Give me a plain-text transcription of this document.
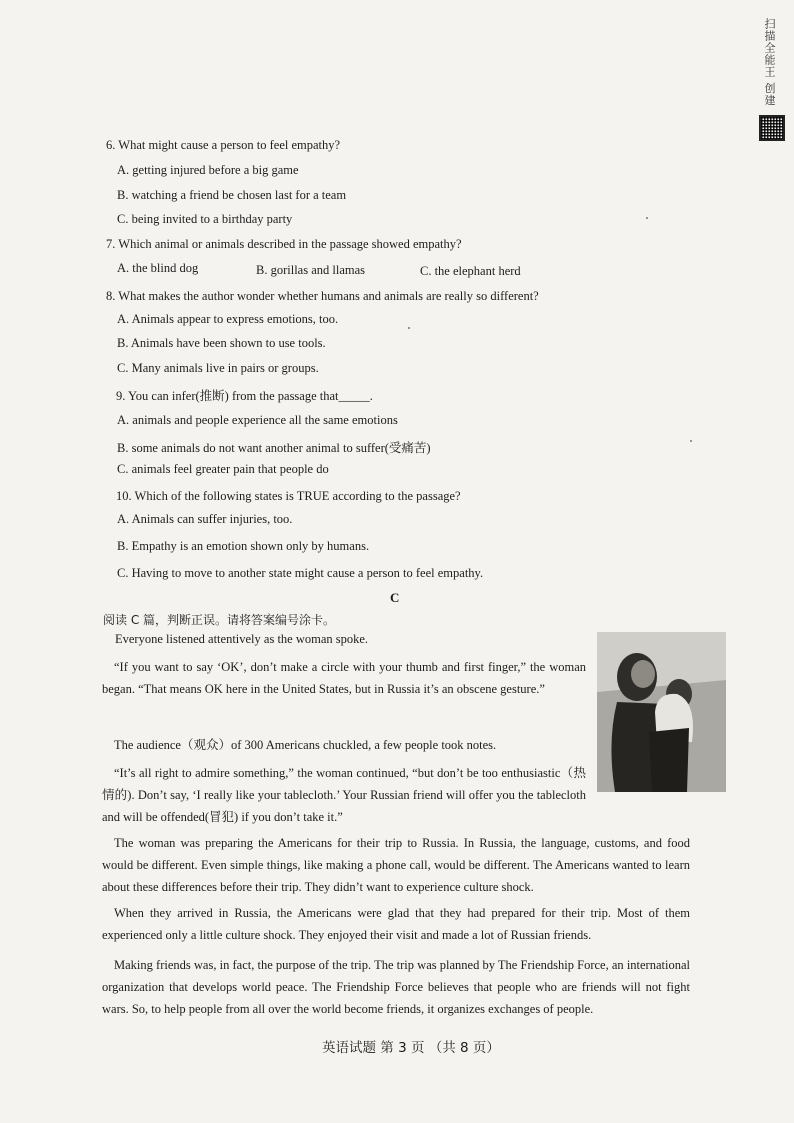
扫描全能王 创建
6. What might cause a person to feel empathy?
A. getting injured before a big game
B. watching a friend be chosen last for a team
C. being invited to a birthday party
7. Which animal or animals described in the passage showed empathy?
A. the blind dog	B. gorillas and llamas	C. the elephant herd
8. What makes the author wonder whether humans and animals are really so different?
A. Animals appear to express emotions, too.
B. Animals have been shown to use tools.
C. Many animals live in pairs or groups.
9. You can infer(推断) from the passage that_____.
A. animals and people experience all the same emotions
B. some animals do not want another animal to suffer(受痛苦)
C. animals feel greater pain that people do
10. Which of the following states is TRUE according to the passage?
A. Animals can suffer injuries, too.
B. Empathy is an emotion shown only by humans.
C. Having to move to another state might cause a person to feel empathy.
C
阅读 C 篇，判断正误。请将答案编号涂卡。
Everyone listened attentively as the woman spoke.
“If you want to say ‘OK’, don’t make a circle with your thumb and first finger,” the woman began. “That means OK here in the United States, but in Russia it’s an obscene gesture.”
The audience（观众）of 300 Americans chuckled, a few people took notes.
“It’s all right to admire something,” the woman continued, “but don’t be too enthusiastic（热情的). Don’t say, ‘I really like your tablecloth.’ Your Russian friend will offer you the tablecloth and will be offended(冒犯) if you don’t take it.”
The woman was preparing the Americans for their trip to Russia. In Russia, the language, customs, and food would be different. Even simple things, like making a phone call, would be different. The Americans wanted to learn about these differences before their trip. They didn’t want to experience culture shock.
When they arrived in Russia, the Americans were glad that they had prepared for their trip. Most of them experienced only a little culture shock. They enjoyed their visit and made a lot of Russian friends.
Making friends was, in fact, the purpose of the trip. The trip was planned by The Friendship Force, an international organization that develops world peace. The Friendship Force believes that people who are friends will not fight wars. So, to help people from all over the world become friends, it organizes exchanges of people.
英语试题 第 3 页 （共 8 页）
